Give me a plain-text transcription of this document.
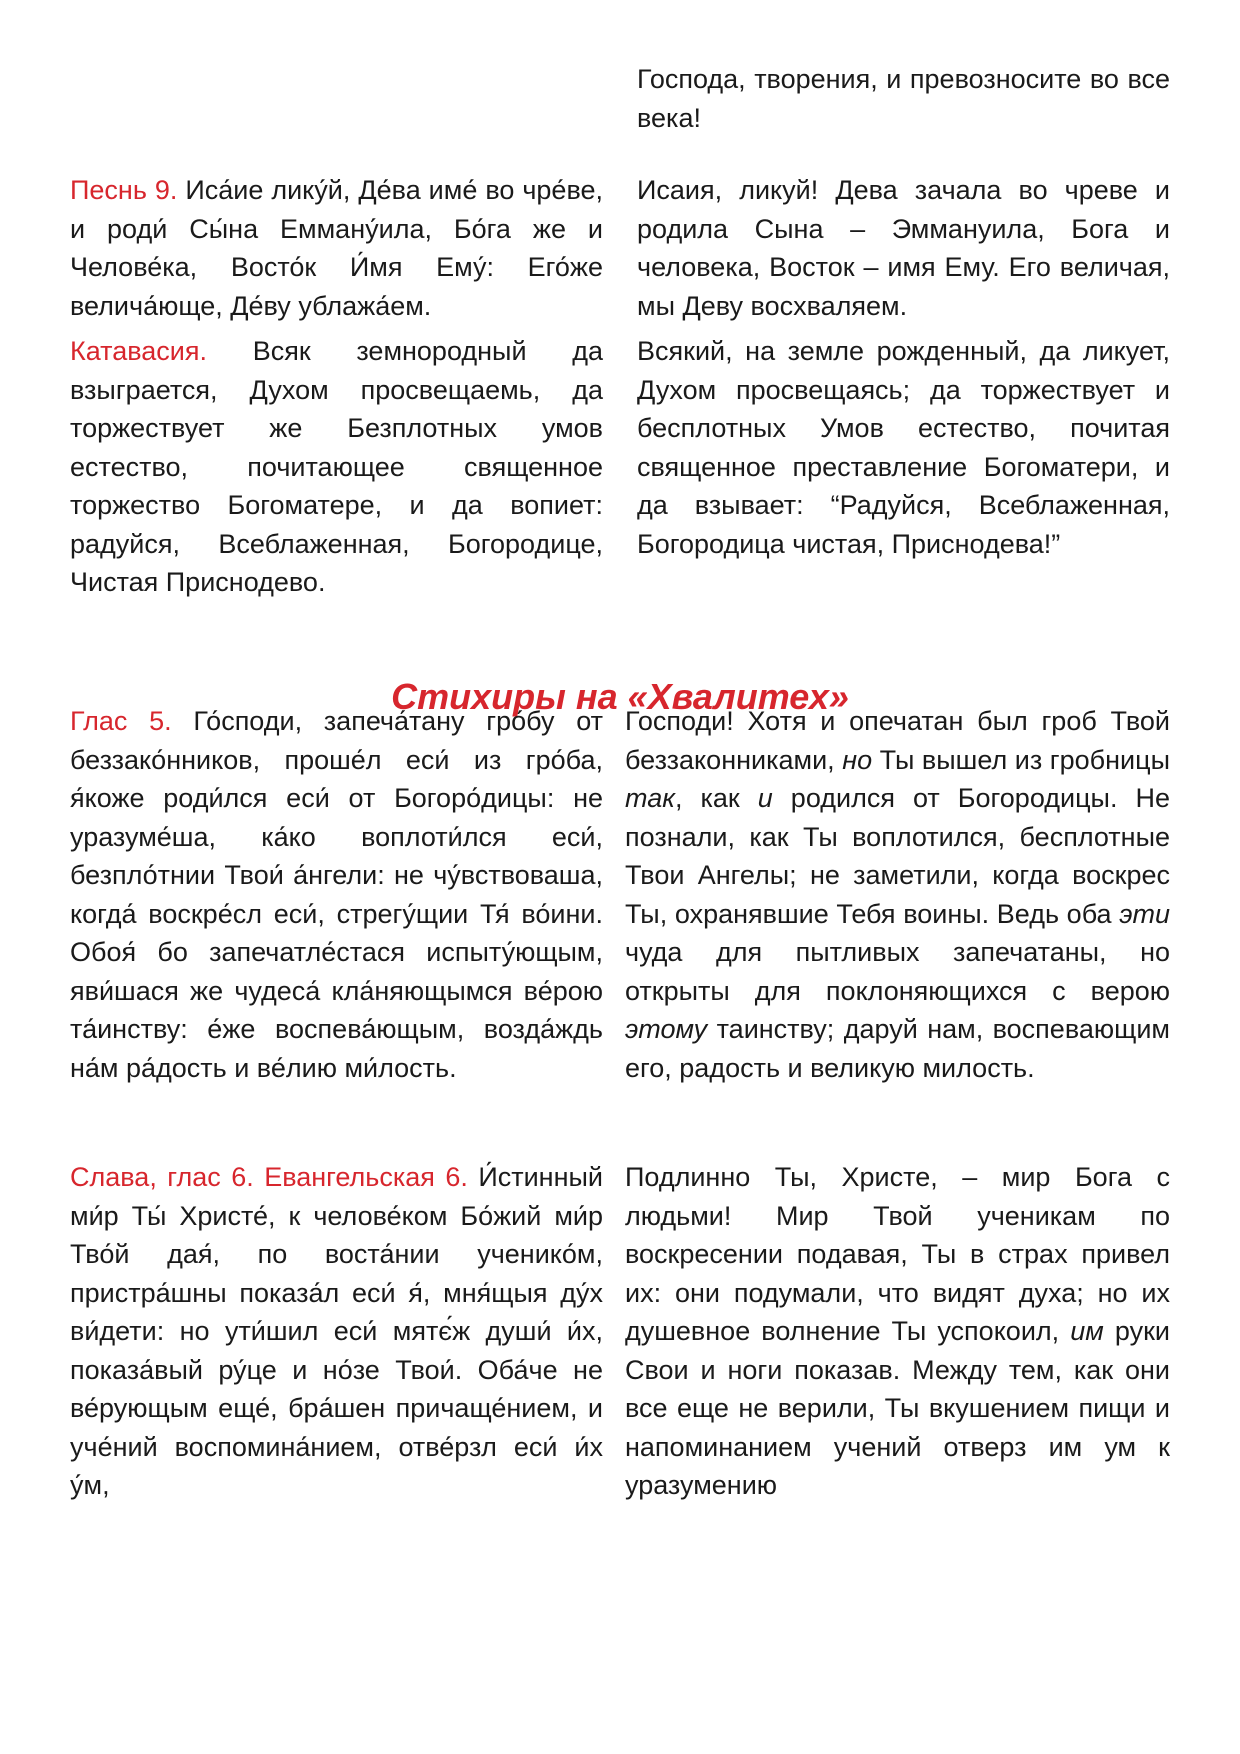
Господа, творения, и превозносите во все века!
Песнь 9. Иса́ие лику́й, Де́ва име́ во чре́ве, и роди́ Сы́на Емману́ила, Бо́га же и Челове́ка, Восто́к И́мя Ему́: Его́же велича́юще, Де́ву ублажа́ем.
Исаия, ликуй! Дева зачала во чреве и родила Сына – Эммануила, Бога и человека, Восток – имя Ему. Его величая, мы Деву восхваляем.
Катавасия. Всяк земнородный да взыграется, Духом просвещаемь, да торжествует же Безплотных умов естество, почитающее священное торжество Богоматере, и да вопиет: радуйся, Всеблаженная, Богородице, Чистая Приснодево.
Всякий, на земле рожденный, да ликует, Духом просвещаясь; да торжествует и бесплотных Умов естество, почитая священное преставление Богоматери, и да взывает: “Радуйся, Всеблаженная, Богородица чистая, Приснодева!”
Стихиры на «Хвалитех»
Глас 5. Го́споди, запеча́тану гро́бу от беззако́нников, проше́л еси́ из гро́ба, я́коже роди́лся еси́ от Богоро́дицы: не уразуме́ша, ка́ко воплоти́лся еси́, безпло́тнии Твои́ а́нгели: не чу́вствоваша, когда́ воскре́сл еси́, стрегу́щии Тя́ во́ини. Обоя́ бо запечатле́стася испыту́ющым, яви́шася же чудеса́ кла́няющымся ве́рою та́инству: е́же воспева́ющым, возда́ждь на́м ра́дость и ве́лию ми́лость.
Господи! Хотя и опечатан был гроб Твой беззаконниками, но Ты вышел из гробницы так, как и родился от Богородицы. Не познали, как Ты воплотился, бесплотные Твои Ангелы; не заметили, когда воскрес Ты, охранявшие Тебя воины. Ведь оба эти чуда для пытливых запечатаны, но открыты для поклоняющихся с верою этому таинству; даруй нам, воспевающим его, радость и великую милость.
Слава, глас 6. Евангельская 6. И́стинный ми́р Ты́ Христе́, к челове́ком Бо́жий ми́р Тво́й дая́, по воста́нии ученико́м, пристра́шны показа́л еси́ я́, мня́щыя ду́х ви́дети: но ути́шил еси́ мятє́ж души́ и́х, показа́вый ру́це и но́зе Твои́. Оба́че не ве́рующым еще́, бра́шен причаще́нием, и уче́ний воспомина́нием, отве́рзл еси́ и́х у́м,
Подлинно Ты, Христе, – мир Бога с людьми! Мир Твой ученикам по воскресении подавая, Ты в страх привел их: они подумали, что видят духа; но их душевное волнение Ты успокоил, им руки Свои и ноги показав. Между тем, как они все еще не верили, Ты вкушением пищи и напоминанием учений отверз им ум к уразумению
